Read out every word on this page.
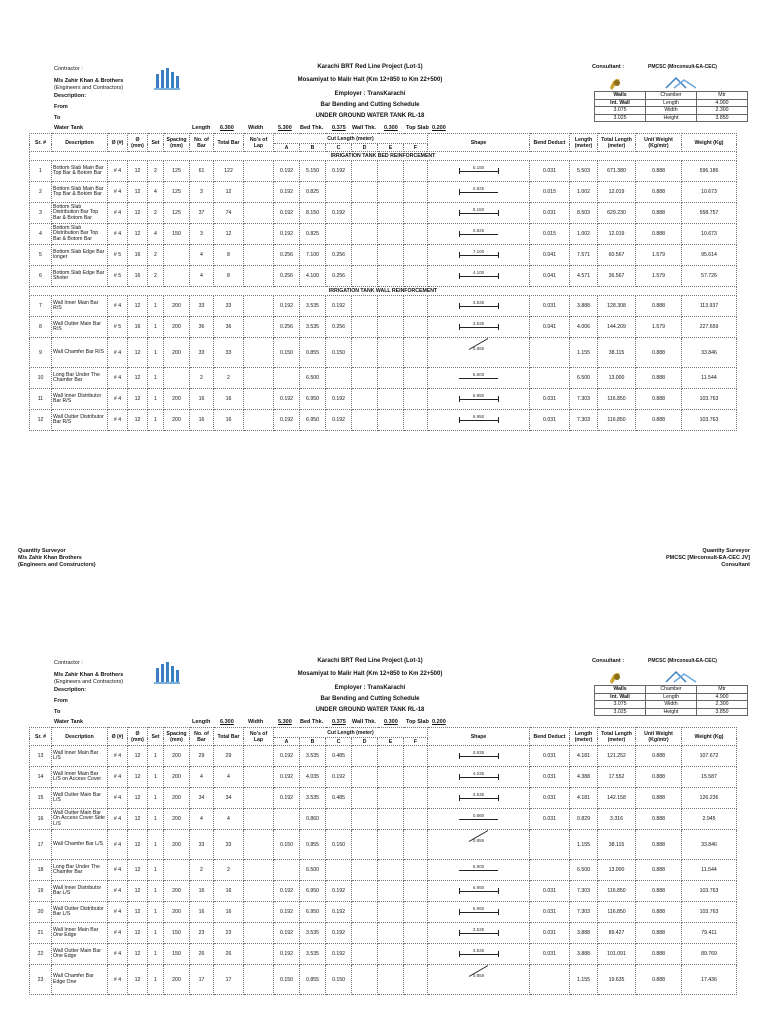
Contractor :
M/s Zahir Khan & Brothers
(Engineers and Contractors)
Description:
From
To
Karachi BRT Red Line Project (Lot-1)
Mosamiyat to Malir Halt (Km 12+850 to Km 22+500)
Employer : TransKarachi
Bar Bending and Cutting Schedule
UNDER GROUND WATER TANK RL-18
Consultant :	PMCSC (Mirconsult-EA-CEC)
Walls	Chamber	Mtr
Int. Wall	Length	4.900
3.075	Width	2.300
3.025	Height	3.850
Water Tank	Length 6.300	Width	5.300 Bed Thk. 0.375 Wall Thk. 0.300 Top Slab 0.200
Sr. #	Description	Ø (#)	Ø (mm)	Set	Spacing (mm)	No. of Bar	Total Bar	No's of Lap	Cut Length (meter)						Shape	Bend Deduct	Length (meter)	Total Length (meter)	Unit Weight (Kg/mtr)	Weight (Kg)
									A	B	C	D	E	F						
IRRIGATION TANK BED REINFORCEMENT																				
1	Bottom Slab Main Bar Top Bar & Botom Bar	# 4	12	2	125	61	122		0.192	5.150	0.192				5.150	0.031	5.503	671.380	0.888	596.186
2	Bottom Slab Main Bar Top Bar & Botom Bar	# 4	12	4	125	3	12		0.192	0.825					0.825	0.015	1.002	12.019	0.888	10.673
3	Bottom Slab Distribution Bar Top Bar & Botom Bar	# 4	12	2	125	37	74		0.192	8.150	0.192				8.150	0.031	8.503	629.230	0.888	558.757
4	Bottom Slab Distribution Bar Top Bar & Botom Bar	# 4	12	4	150	3	12		0.192	0.825					0.825	0.015	1.002	12.019	0.888	10.673
5	Bottom Slab Edge Bar longer	# 5	16	2		4	8		0.256	7.100	0.256				7.100	0.041	7.571	60.567	1.579	95.614
6	Bottom Slab Edge Bar Shoter	# 5	16	2		4	8		0.256	4.100	0.256				4.100	0.041	4.571	36.567	1.579	57.726
IRRIGATION TANK WALL REINFORCEMENT																				
7	Wall Inner Main Bar R/S	# 4	12	1	200	33	33		0.192	3.535	0.192				3.535	0.031	3.888	128.308	0.888	113.937
8	Wall Outter Main Bar R/S	# 5	16	1	200	36	36		0.256	3.535	0.256				3.535	0.041	4.006	144.209	1.579	227.659
9	Wall Chamfer Bar R/S	# 4	12	1	200	33	33		0.150	0.855	0.150				0.855		1.155	38.115	0.888	33.846
10	Long Bar Under The Chamfer Bar	# 4	12	1		2	2			6.500					6.500		6.500	13.000	0.888	11.544
11	Wall Inner Distributor Bar R/S	# 4	12	1	200	16	16		0.192	6.950	0.192				6.950	0.031	7.303	116.850	0.888	103.763
12	Wall Outter Distributor Bar R/S	# 4	12	1	200	16	16		0.192	6.950	0.192				6.950	0.031	7.303	116.850	0.888	103.763
Quantity Surveyor
M/s Zahir Khan Brothers
(Engineers and Constructors)
Quantity Surveyor
PMCSC [Mirconsult-EA-CEC JV]
Consultant
Contractor :
M/s Zahir Khan & Brothers
(Engineers and Contractors)
Description:
From
To
Karachi BRT Red Line Project (Lot-1)
Mosamiyat to Malir Halt (Km 12+850 to Km 22+500)
Employer : TransKarachi
Bar Bending and Cutting Schedule
UNDER GROUND WATER TANK RL-18
Consultant :	PMCSC (Mirconsult-EA-CEC)
Walls	Chamber	Mtr
Int. Wall	Length	4.900
3.075	Width	2.300
3.025	Height	3.850
Water Tank	Length 6.300	Width	5.300 Bed Thk. 0.375 Wall Thk. 0.300 Top Slab 0.200
Sr. #	Description	Ø (#)	Ø (mm)	Set	Spacing (mm)	No. of Bar	Total Bar	No's of Lap	Cut Length (meter)						Shape	Bend Deduct	Length (meter)	Total Length (meter)	Unit Weight (Kg/mtr)	Weight (Kg)
									A	B	C	D	E	F						
13	Wall Inner Main Bar L/S	# 4	12	1	200	29	29		0.192	3.535	0.485				3.535	0.031	4.181	121.252	0.888	107.672
14	Wall Inner Main Bar L/S on Access Cover	# 4	12	1	200	4	4		0.192	4.035	0.192				4.035	0.031	4.388	17.552	0.888	15.587
15	Wall Outter Main Bar L/S	# 4	12	1	200	34	34		0.192	3.535	0.485				3.535	0.031	4.181	142.158	0.888	126.236
16	Wall Outter Main Bar On Access Cover Side L/S	# 4	12	1	200	4	4			0.860					0.860	0.031	0.829	3.316	0.888	2.945
17	Wall Chamfer Bar L/S	# 4	12	1	200	33	33		0.150	0.855	0.150				0.855		1.155	38.115	0.888	33.846
18	Long Bar Under The Chamfer Bar	# 4	12	1		2	2			6.500					6.500		6.500	13.000	0.888	11.544
19	Wall Inner Distributor Bar L/S	# 4	12	1	200	16	16		0.192	6.950	0.192				6.950	0.031	7.303	116.850	0.888	103.763
20	Wall Outter Distributor Bar L/S	# 4	12	1	200	16	16		0.192	6.950	0.192				6.950	0.031	7.303	116.850	0.888	103.763
21	Wall Inner Main Bar One Edge	# 4	12	1	150	23	23		0.192	3.535	0.192				3.535	0.031	3.888	89.427	0.888	79.411
22	Wall Outter Main Bar One Edge	# 4	12	1	150	26	26		0.192	3.535	0.192				3.535	0.031	3.888	101.091	0.888	89.769
23	Wall Chamfer Bar Edge One	# 4	12	1	200	17	17		0.150	0.855	0.150				0.855		1.155	19.635	0.888	17.436
